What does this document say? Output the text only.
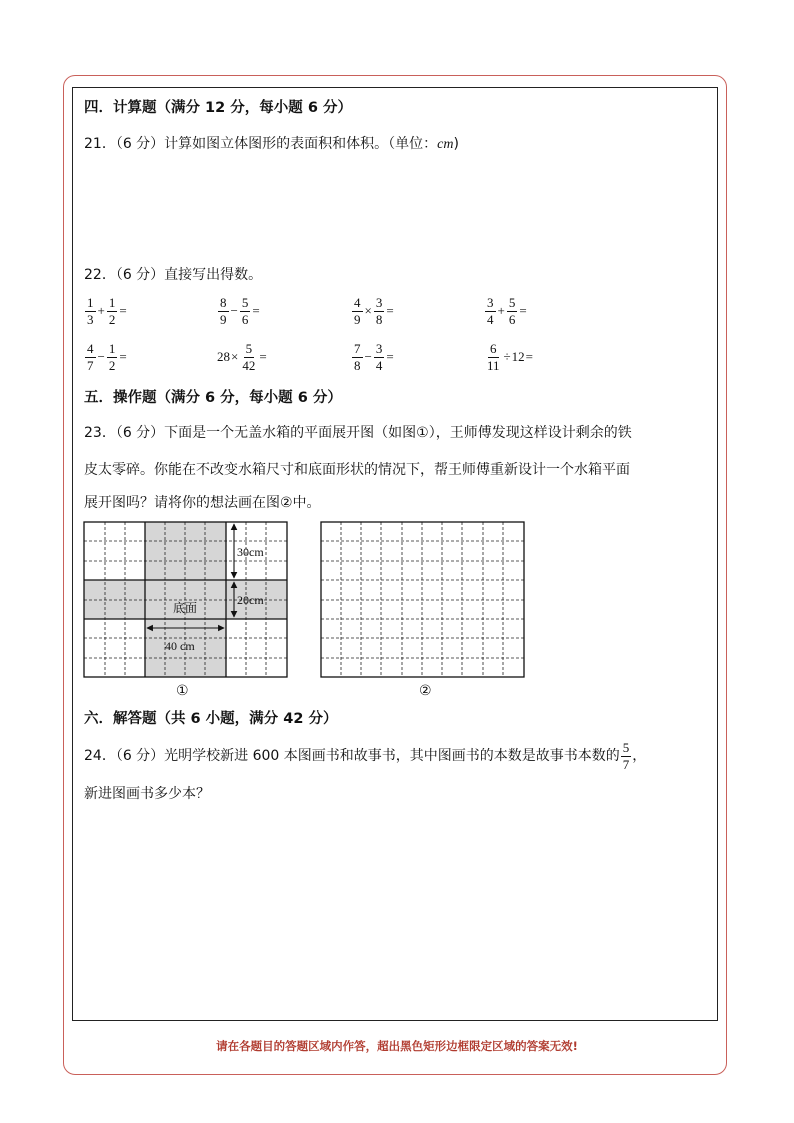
四．计算题（满分 12 分，每小题 6 分）
21．（6 分）计算如图立体图形的表面积和体积。（单位：cm)
22．（6 分）直接写出得数。
$\frac{1}{3} + \frac{1}{2}$ =	$\frac{8}{9} - \frac{5}{6}$ =	$\frac{4}{9} \times \frac{3}{8}$ =	$\frac{3}{4} + \frac{5}{6}$ =
$\frac{4}{7} - \frac{1}{2}$ =	$28 \times \frac{5}{42}$ =	$\frac{7}{8} - \frac{3}{4}$ =	$\frac{6}{11} \div 12$ =
五．操作题（满分 6 分，每小题 6 分）
23．（6 分）下面是一个无盖水箱的平面展开图（如图①），王师傅发现这样设计剩余的铁
皮太零碎。你能在不改变水箱尺寸和底面形状的情况下，帮王师傅重新设计一个水箱平面
展开图吗？请将你的想法画在图②中。
30cm
20cm
底面
40 cm
①	②
六．解答题（共 6 小题，满分 42 分）
24．（6 分）光明学校新进 600 本图画书和故事书，其中图画书的本数是故事书本数的 $\frac{5}{7}$ ，
新进图画书多少本？
请在各题目的答题区域内作答，超出黑色矩形边框限定区域的答案无效!
